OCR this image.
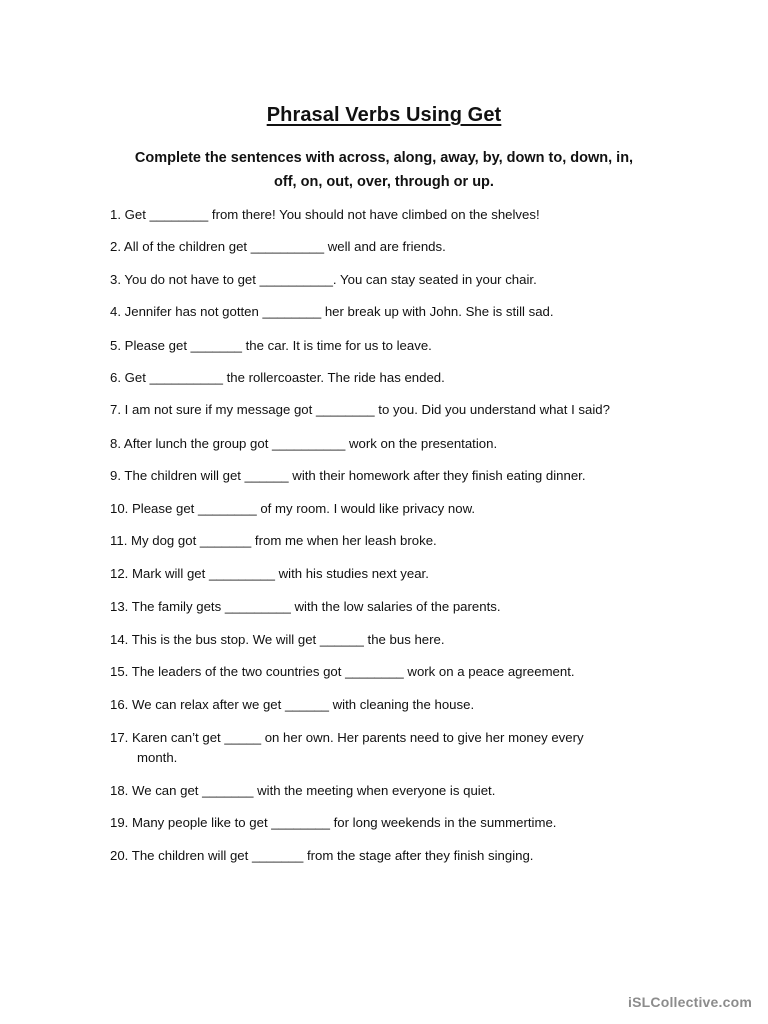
Phrasal Verbs Using Get
Complete the sentences with across, along, away, by, down to, down, in,
off, on, out, over, through or up.
1. Get ________ from there! You should not have climbed on the shelves!
2. All of the children get __________ well and are friends.
3. You do not have to get __________. You can stay seated in your chair.
4. Jennifer has not gotten ________ her break up with John. She is still sad.
5. Please get _______ the car. It is time for us to leave.
6. Get __________ the rollercoaster. The ride has ended.
7. I am not sure if my message got ________ to you. Did you understand what I said?
8. After lunch the group got __________ work on the presentation.
9. The children will get ______ with their homework after they finish eating dinner.
10. Please get ________ of my room. I would like privacy now.
11. My dog got _______ from me when her leash broke.
12. Mark will get _________ with his studies next year.
13. The family gets _________ with the low salaries of the parents.
14. This is the bus stop. We will get ______ the bus here.
15. The leaders of the two countries got ________ work on a peace agreement.
16. We can relax after we get ______ with cleaning the house.
17. Karen can’t get _____ on her own. Her parents need to give her money every
month.
18. We can get _______ with the meeting when everyone is quiet.
19. Many people like to get ________ for long weekends in the summertime.
20. The children will get _______ from the stage after they finish singing.
iSLCollective.com
